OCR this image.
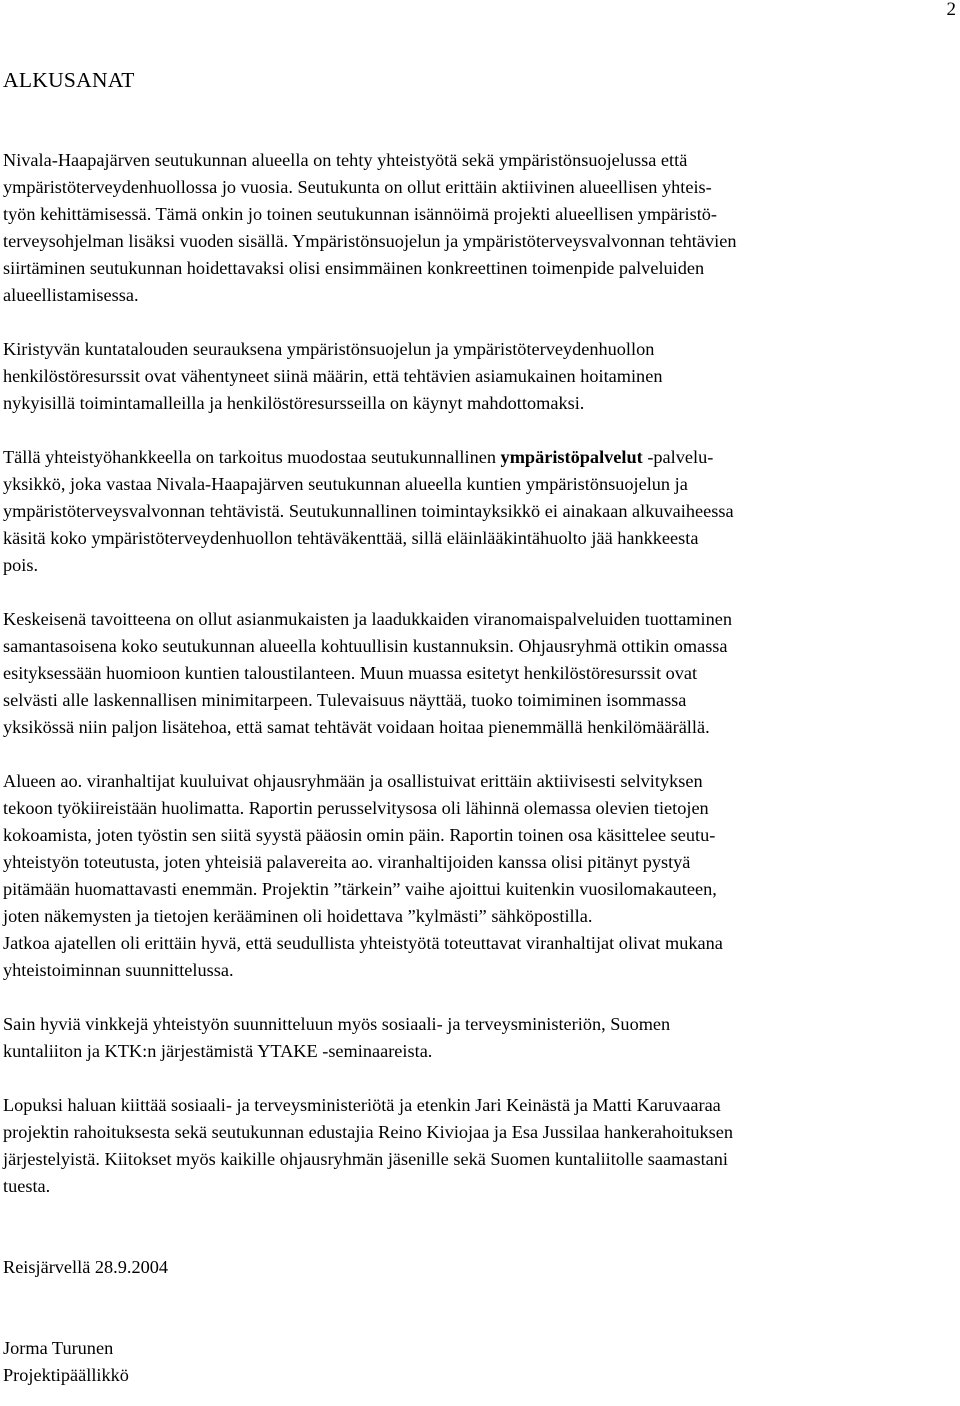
2
ALKUSANAT
Nivala-Haapajärven seutukunnan alueella on tehty yhteistyötä sekä ympäristönsuojelussa että
ympäristöterveydenhuollossa jo vuosia. Seutukunta on ollut erittäin aktiivinen alueellisen yhteis-
työn kehittämisessä. Tämä onkin jo toinen seutukunnan isännöimä projekti alueellisen ympäristö-
terveysohjelman lisäksi vuoden sisällä. Ympäristönsuojelun ja ympäristöterveysvalvonnan tehtävien
siirtäminen seutukunnan hoidettavaksi olisi ensimmäinen konkreettinen toimenpide palveluiden
alueellistamisessa.
Kiristyvän kuntatalouden seurauksena ympäristönsuojelun ja ympäristöterveydenhuollon
henkilöstöresurssit ovat vähentyneet siinä määrin, että tehtävien asiamukainen hoitaminen
nykyisillä toimintamalleilla ja henkilöstöresursseilla on käynyt mahdottomaksi.
Tällä yhteistyöhankkeella on tarkoitus muodostaa seutukunnallinen ympäristöpalvelut -palvelu-
yksikkö, joka vastaa Nivala-Haapajärven seutukunnan alueella kuntien ympäristönsuojelun ja
ympäristöterveysvalvonnan tehtävistä. Seutukunnallinen toimintayksikkö ei ainakaan alkuvaiheessa
käsitä koko ympäristöterveydenhuollon tehtäväkenttää, sillä eläinlääkintähuolto jää hankkeesta
pois.
Keskeisenä tavoitteena on ollut asianmukaisten ja laadukkaiden viranomaispalveluiden tuottaminen
samantasoisena koko seutukunnan alueella kohtuullisin kustannuksin. Ohjausryhmä ottikin omassa
esityksessään huomioon kuntien taloustilanteen. Muun muassa esitetyt henkilöstöresurssit ovat
selvästi alle laskennallisen minimitarpeen. Tulevaisuus näyttää, tuoko toimiminen isommassa
yksikössä niin paljon lisätehoa, että samat tehtävät voidaan hoitaa pienemmällä henkilömäärällä.
Alueen ao. viranhaltijat kuuluivat ohjausryhmään ja osallistuivat erittäin aktiivisesti selvityksen
tekoon työkiireistään huolimatta. Raportin perusselvitysosa oli lähinnä olemassa olevien tietojen
kokoamista, joten työstin sen siitä syystä pääosin omin päin. Raportin toinen osa käsittelee seutu-
yhteistyön toteutusta, joten yhteisiä palavereita ao. viranhaltijoiden kanssa olisi pitänyt pystyä
pitämään huomattavasti enemmän. Projektin ”tärkein” vaihe ajoittui kuitenkin vuosilomakauteen,
joten näkemysten ja tietojen kerääminen oli hoidettava ”kylmästi” sähköpostilla.
Jatkoa ajatellen oli erittäin hyvä, että seudullista yhteistyötä toteuttavat viranhaltijat olivat mukana
yhteistoiminnan suunnittelussa.
Sain hyviä vinkkejä yhteistyön suunnitteluun myös sosiaali- ja terveysministeriön, Suomen
kuntaliiton ja KTK:n järjestämistä YTAKE -seminaareista.
Lopuksi haluan kiittää sosiaali- ja terveysministeriötä ja etenkin Jari Keinästä ja Matti Karuvaaraa
projektin rahoituksesta sekä seutukunnan edustajia Reino Kiviojaa ja Esa Jussilaa hankerahoituksen
järjestelyistä. Kiitokset myös kaikille ohjausryhmän jäsenille sekä Suomen kuntaliitolle saamastani
tuesta.
Reisjärvellä 28.9.2004
Jorma Turunen
Projektipäällikkö
